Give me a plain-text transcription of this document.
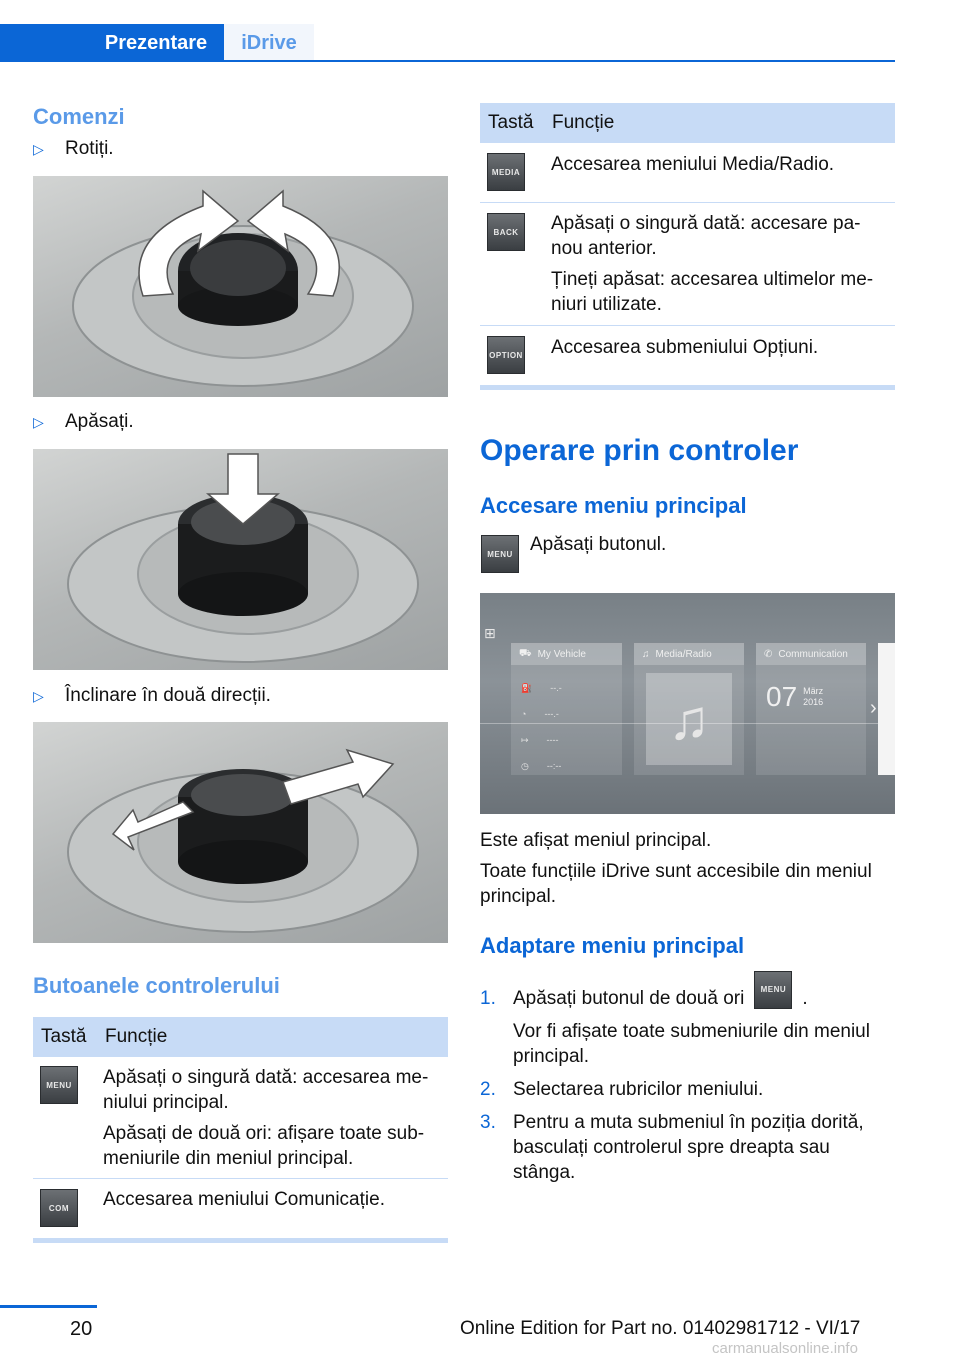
Prezentare	iDrive
Comenzi
▷	Rotiți.
▷	Apăsați.
▷	Înclinare în două direcții.
Butoanele controlerului
Tastă Funcție
MENU	Apăsați o singură dată: accesarea me-
niului principal.
Apăsați de două ori: afișare toate sub-
meniurile din meniul principal.
COM	Accesarea meniului Comunicație.
Tastă Funcție
MEDIA Accesarea meniului Media/Radio.
BACK	Apăsați o singură dată: accesare pa-
nou anterior.
Țineți apăsat: accesarea ultimelor me-
niuri utilizate.
OPTION Accesarea submeniului Opțiuni.
Operare prin controler
Accesare meniu principal
MENU Apăsați butonul.
⊞
⛟ My Vehicle
⛽ --.-
◔ ---.-
↦ ----
◷ --:--
♫ Media/Radio
♫
✆ Communication
07 März
2016 ›
Este afișat meniul principal.
Toate funcțiile iDrive sunt accesibile din meniul
principal.
Adaptare meniu principal
1. Apăsați butonul de două ori	MENU .
Vor fi afișate toate submeniurile din meniul
principal.
2. Selectarea rubricilor meniului.
3. Pentru a muta submeniul în poziția dorită,
basculați controlerul spre dreapta sau
stânga.
20	Online Edition for Part no. 01402981712 - VI/17
carmanualsonline.info
